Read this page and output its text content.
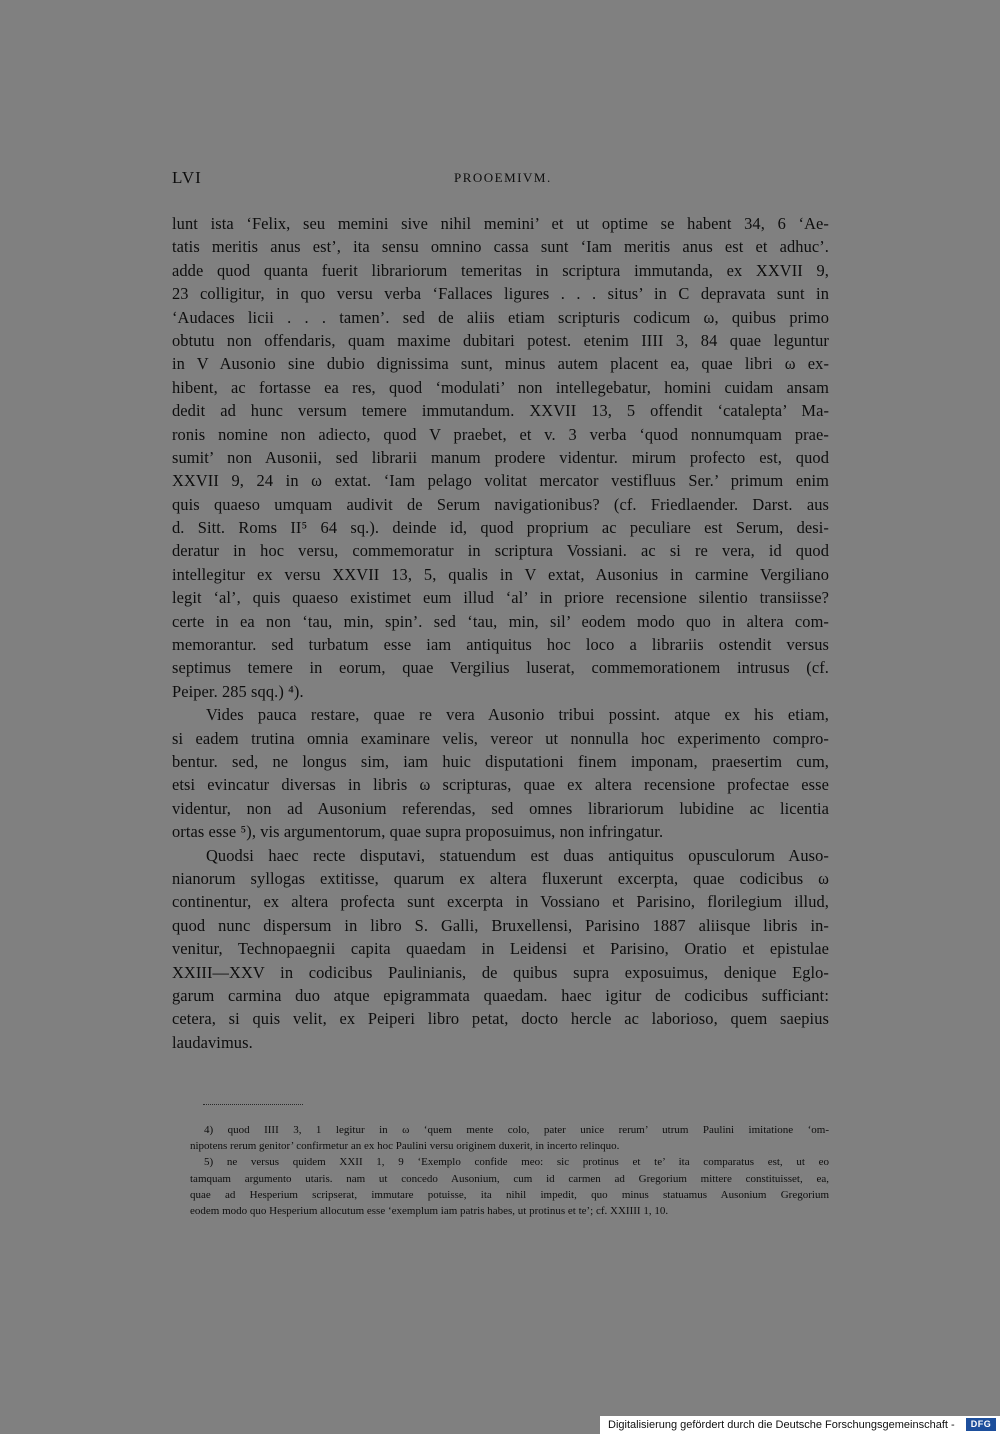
LVI	PROOEMIVM.
lunt ista ‘Felix, seu memini sive nihil memini’ et ut optime se habent 34, 6 ‘Ae-
tatis meritis anus est’, ita sensu omnino cassa sunt ‘Iam meritis anus est et adhuc’.
adde quod quanta fuerit librariorum temeritas in scriptura immutanda, ex XXVII 9,
23 colligitur, in quo versu verba ‘Fallaces ligures . . . situs’ in C depravata sunt in
‘Audaces licii . . . tamen’. sed de aliis etiam scripturis codicum ω, quibus primo
obtutu non offendaris, quam maxime dubitari potest. etenim IIII 3, 84 quae leguntur
in V Ausonio sine dubio dignissima sunt, minus autem placent ea, quae libri ω ex-
hibent, ac fortasse ea res, quod ‘modulati’ non intellegebatur, homini cuidam ansam
dedit ad hunc versum temere immutandum. XXVII 13, 5 offendit ‘catalepta’ Ma-
ronis nomine non adiecto, quod V praebet, et v. 3 verba ‘quod nonnumquam prae-
sumit’ non Ausonii, sed librarii manum prodere videntur. mirum profecto est, quod
XXVII 9, 24 in ω extat. ‘Iam pelago volitat mercator vestifluus Ser.’ primum enim
quis quaeso umquam audivit de Serum navigationibus? (cf. Friedlaender. Darst. aus
d. Sitt. Roms II⁵ 64 sq.). deinde id, quod proprium ac peculiare est Serum, desi-
deratur in hoc versu, commemoratur in scriptura Vossiani. ac si re vera, id quod
intellegitur ex versu XXVII 13, 5, qualis in V extat, Ausonius in carmine Vergiliano
legit ‘al’, quis quaeso existimet eum illud ‘al’ in priore recensione silentio transiisse?
certe in ea non ‘tau, min, spin’. sed ‘tau, min, sil’ eodem modo quo in altera com-
memorantur. sed turbatum esse iam antiquitus hoc loco a librariis ostendit versus
septimus temere in eorum, quae Vergilius luserat, commemorationem intrusus (cf.
Peiper. 285 sqq.) ⁴).
Vides pauca restare, quae re vera Ausonio tribui possint. atque ex his etiam,
si eadem trutina omnia examinare velis, vereor ut nonnulla hoc experimento compro-
bentur. sed, ne longus sim, iam huic disputationi finem imponam, praesertim cum,
etsi evincatur diversas in libris ω scripturas, quae ex altera recensione profectae esse
videntur, non ad Ausonium referendas, sed omnes librariorum lubidine ac licentia
ortas esse ⁵), vis argumentorum, quae supra proposuimus, non infringatur.
Quodsi haec recte disputavi, statuendum est duas antiquitus opusculorum Auso-
nianorum syllogas extitisse, quarum ex altera fluxerunt excerpta, quae codicibus ω
continentur, ex altera profecta sunt excerpta in Vossiano et Parisino, florilegium illud,
quod nunc dispersum in libro S. Galli, Bruxellensi, Parisino 1887 aliisque libris in-
venitur, Technopaegnii capita quaedam in Leidensi et Parisino, Oratio et epistulae
XXIII—XXV in codicibus Paulinianis, de quibus supra exposuimus, denique Eglo-
garum carmina duo atque epigrammata quaedam. haec igitur de codicibus sufficiant:
cetera, si quis velit, ex Peiperi libro petat, docto hercle ac laborioso, quem saepius
laudavimus.
4) quod IIII 3, 1 legitur in ω ‘quem mente colo, pater unice rerum’ utrum Paulini imitatione ‘om-
nipotens rerum genitor’ confirmetur an ex hoc Paulini versu originem duxerit, in incerto relinquo.
5) ne versus quidem XXII 1, 9 ‘Exemplo confide meo: sic protinus et te’ ita comparatus est, ut eo
tamquam argumento utaris. nam ut concedo Ausonium, cum id carmen ad Gregorium mittere constituisset, ea,
quae ad Hesperium scripserat, immutare potuisse, ita nihil impedit, quo minus statuamus Ausonium Gregorium
eodem modo quo Hesperium allocutum esse ‘exemplum iam patris habes, ut protinus et te’; cf. XXIIII 1, 10.
Digitalisierung gefördert durch die Deutsche Forschungsgemeinschaft -	DFG
